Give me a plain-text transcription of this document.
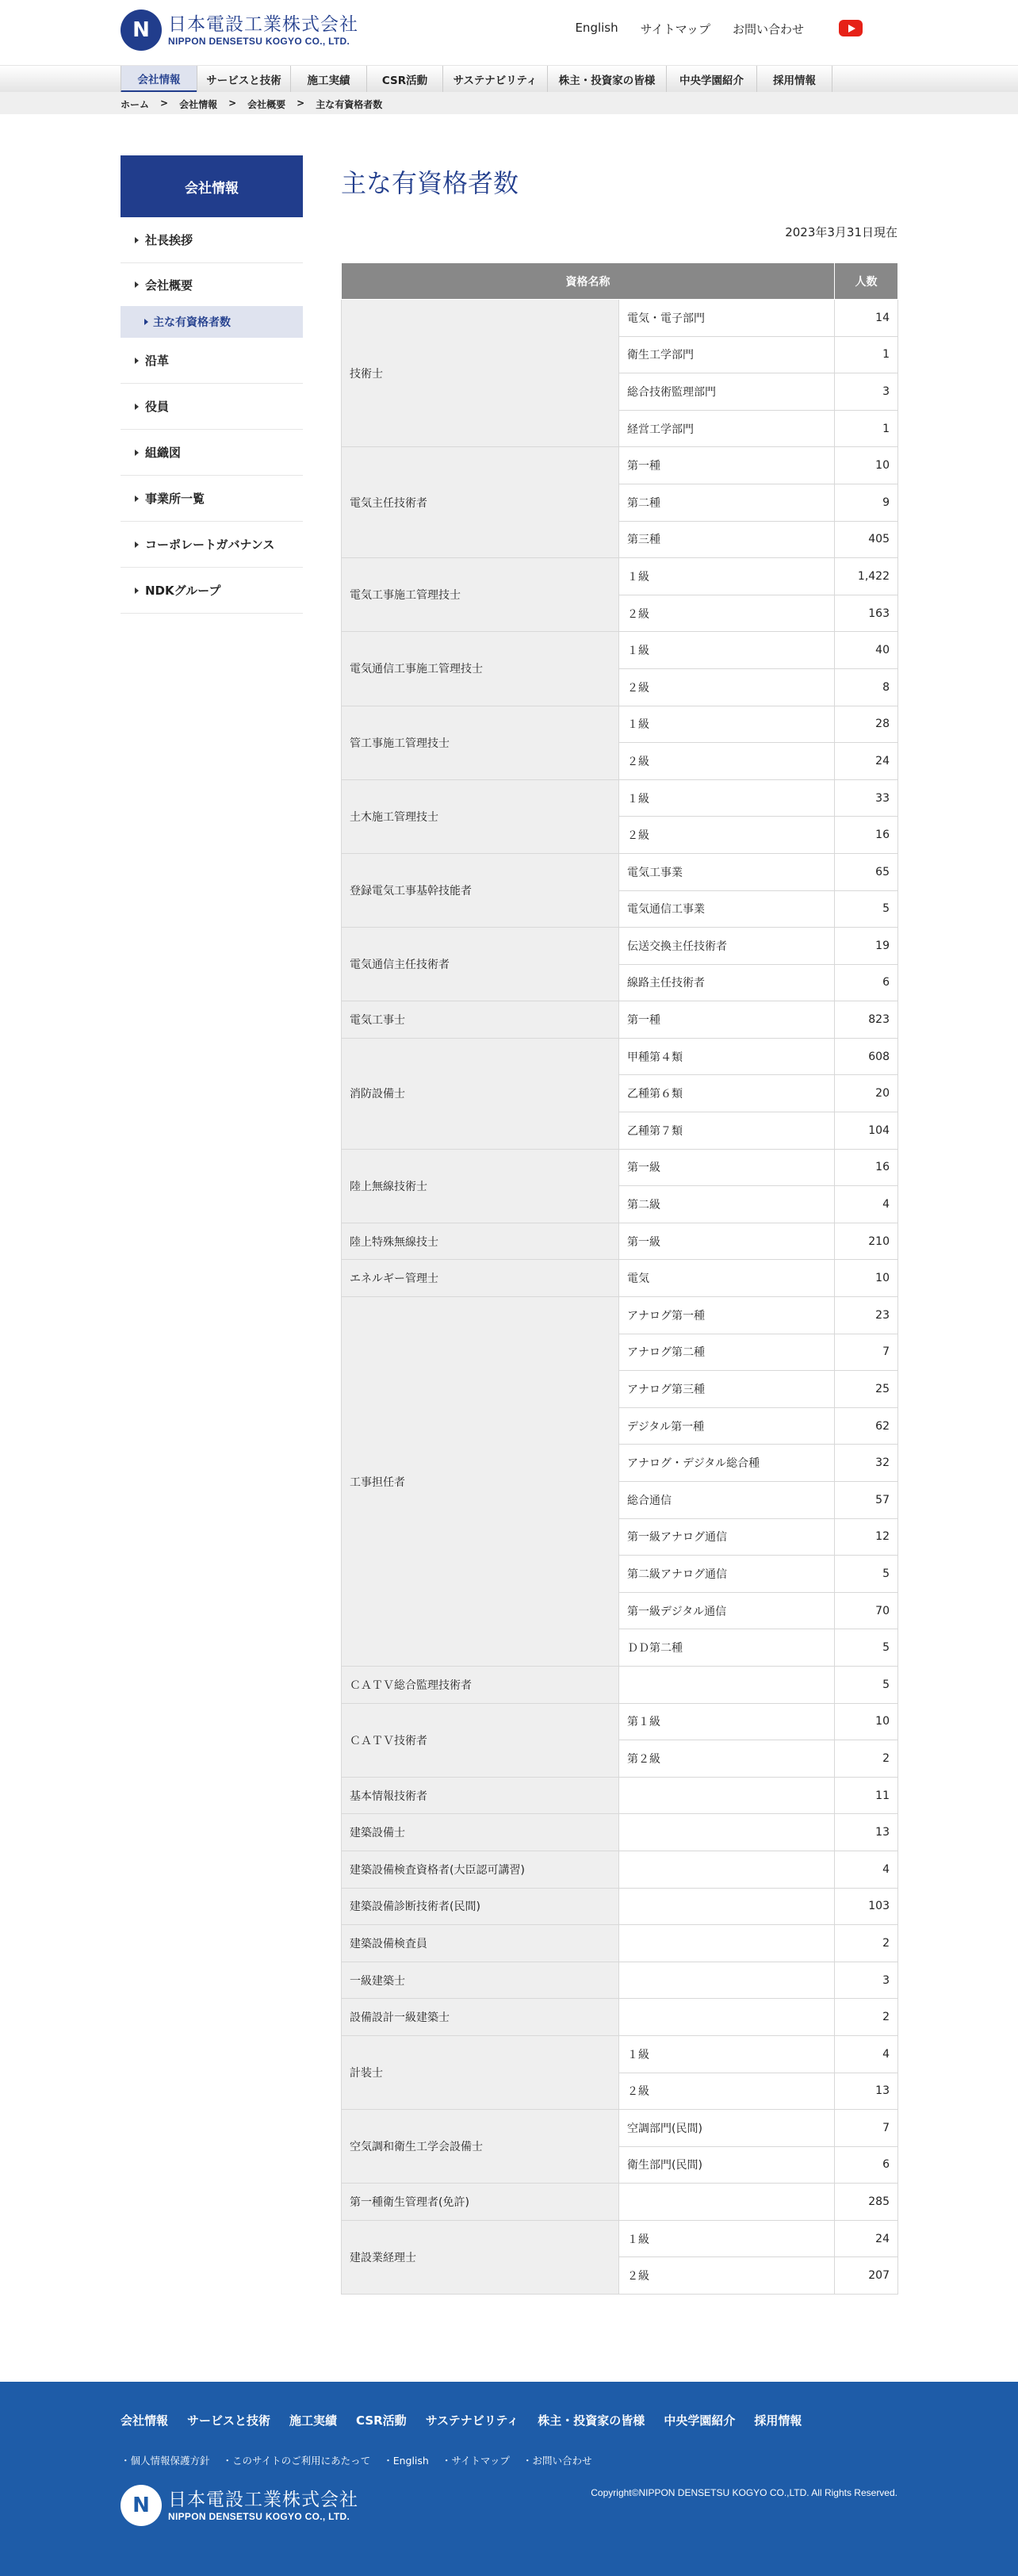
N	日本電設工業株式会社
NIPPON DENSETSU KOGYO CO., LTD.
English サイトマップ お問い合わせ
会社情報	サービスと技術	施工実績	CSR活動	サステナビリティ	株主・投資家の皆様	中央学園紹介	採用情報
ホーム > 会社情報 > 会社概要 > 主な有資格者数
会社情報
社長挨拶
会社概要
主な有資格者数
沿革
役員
組織図
事業所一覧
コーポレートガバナンス
NDKグループ
主な有資格者数
2023年3月31日現在
資格名称		人数
技術士	電気・電子部門	14
	衛生工学部門	1
	総合技術監理部門	3
	経営工学部門	1
電気主任技術者	第一種	10
	第二種	9
	第三種	405
電気工事施工管理技士	１級	1,422
	２級	163
電気通信工事施工管理技士	１級	40
	２級	8
管工事施工管理技士	１級	28
	２級	24
土木施工管理技士	１級	33
	２級	16
登録電気工事基幹技能者	電気工事業	65
	電気通信工事業	5
電気通信主任技術者	伝送交換主任技術者	19
	線路主任技術者	6
電気工事士	第一種	823
消防設備士	甲種第４類	608
	乙種第６類	20
	乙種第７類	104
陸上無線技術士	第一級	16
	第二級	4
陸上特殊無線技士	第一級	210
エネルギー管理士	電気	10
工事担任者	アナログ第一種	23
	アナログ第二種	7
	アナログ第三種	25
	デジタル第一種	62
	アナログ・デジタル総合種	32
	総合通信	57
	第一級アナログ通信	12
	第二級アナログ通信	5
	第一級デジタル通信	70
	ＤＤ第二種	5
ＣＡＴＶ総合監理技術者		5
ＣＡＴＶ技術者	第１級	10
	第２級	2
基本情報技術者		11
建築設備士		13
建築設備検査資格者(大臣認可講習)		4
建築設備診断技術者(民間)		103
建築設備検査員		2
一級建築士		3
設備設計一級建築士		2
計装士	１級	4
	２級	13
空気調和衛生工学会設備士	空調部門(民間)	7
	衛生部門(民間)	6
第一種衛生管理者(免許)		285
建設業経理士	１級	24
	２級	207
会社情報 サービスと技術 施工実績 CSR活動 サステナビリティ 株主・投資家の皆様 中央学園紹介 採用情報
・ 個人情報保護方針	・ このサイトのご利用にあたって	・ English	・ サイトマップ	・ お問い合わせ
N	日本電設工業株式会社
NIPPON DENSETSU KOGYO CO., LTD.
Copyright©NIPPON DENSETSU KOGYO CO.,LTD. All Rights Reserved.
